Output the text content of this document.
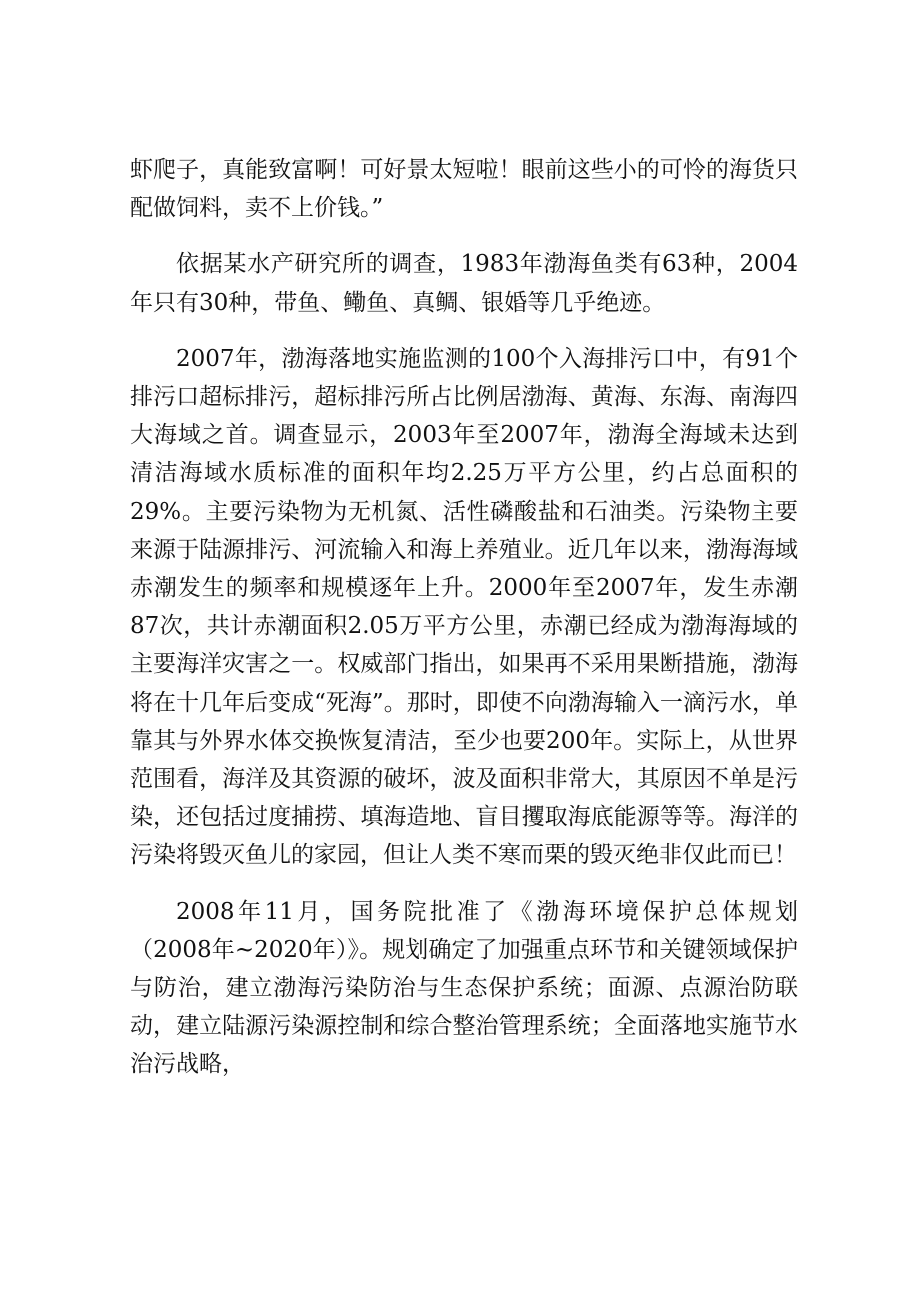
虾爬子，真能致富啊！可好景太短啦！眼前这些小的可怜的海货只配做饲料，卖不上价钱。”

依据某水产研究所的调查，1983年渤海鱼类有63种，2004年只有30种，带鱼、鳓鱼、真鲷、银婚等几乎绝迹。

2007年，渤海落地实施监测的100个入海排污口中，有91个排污口超标排污，超标排污所占比例居渤海、黄海、东海、南海四大海域之首。调查显示，2003年至2007年，渤海全海域未达到清洁海域水质标准的面积年均2.25万平方公里，约占总面积的29%。主要污染物为无机氮、活性磷酸盐和石油类。污染物主要来源于陆源排污、河流输入和海上养殖业。近几年以来，渤海海域赤潮发生的频率和规模逐年上升。2000年至2007年，发生赤潮87次，共计赤潮面积2.05万平方公里，赤潮已经成为渤海海域的主要海洋灾害之一。权威部门指出，如果再不采用果断措施，渤海将在十几年后变成“死海”。那时，即使不向渤海输入一滴污水，单靠其与外界水体交换恢复清洁，至少也要200年。实际上，从世界范围看，海洋及其资源的破坏，波及面积非常大，其原因不单是污染，还包括过度捕捞、填海造地、盲目攫取海底能源等等。海洋的污染将毁灭鱼儿的家园，但让人类不寒而栗的毁灭绝非仅此而已！

2008年11月，国务院批准了《渤海环境保护总体规划（2008年~2020年）》。规划确定了加强重点环节和关键领域保护与防治，建立渤海污染防治与生态保护系统；面源、点源治防联动，建立陆源污染源控制和综合整治管理系统；全面落地实施节水治污战略，
